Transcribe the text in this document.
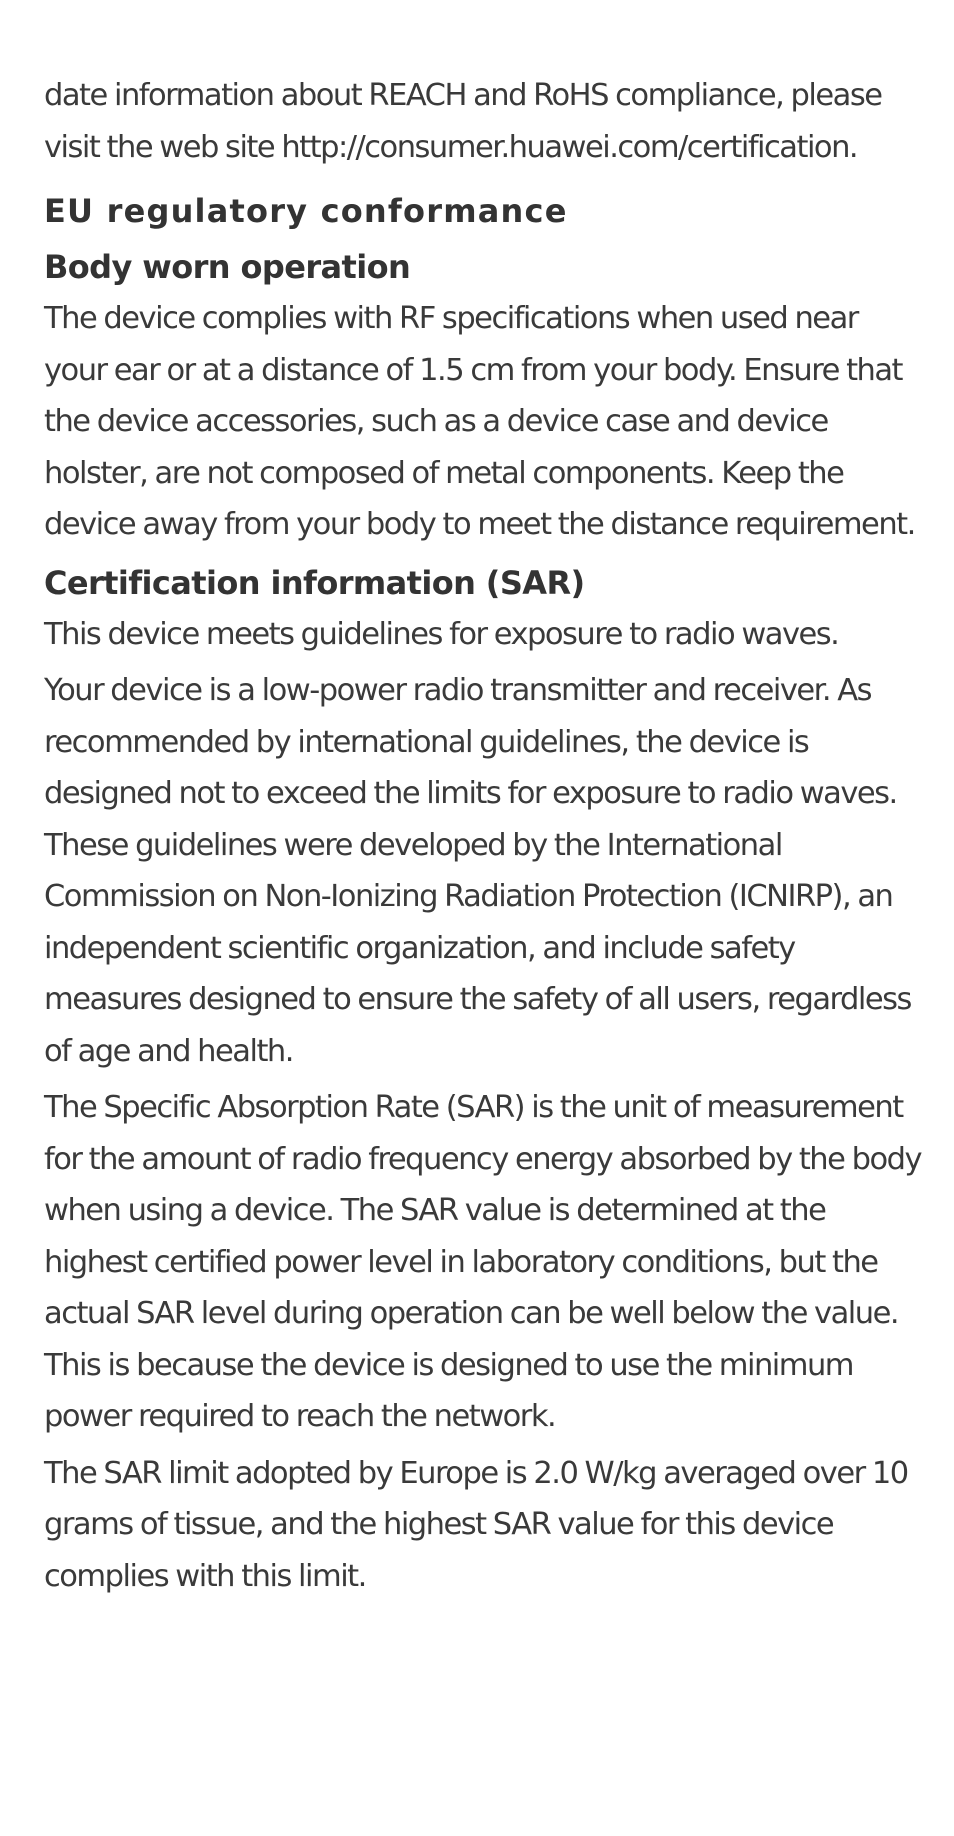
date information about REACH and RoHS compliance, please visit the web site http://consumer.huawei.com/certification.

EU regulatory conformance
Body worn operation

The device complies with RF specifications when used near your ear or at a distance of 1.5 cm from your body. Ensure that the device accessories, such as a device case and device holster, are not composed of metal components. Keep the device away from your body to meet the distance requirement.

Certification information (SAR)

This device meets guidelines for exposure to radio waves.

Your device is a low-power radio transmitter and receiver. As recommended by international guidelines, the device is designed not to exceed the limits for exposure to radio waves. These guidelines were developed by the International Commission on Non-Ionizing Radiation Protection (ICNIRP), an independent scientific organization, and include safety measures designed to ensure the safety of all users, regardless of age and health.

The Specific Absorption Rate (SAR) is the unit of measurement for the amount of radio frequency energy absorbed by the body when using a device. The SAR value is determined at the highest certified power level in laboratory conditions, but the actual SAR level during operation can be well below the value. This is because the device is designed to use the minimum power required to reach the network.

The SAR limit adopted by Europe is 2.0 W/kg averaged over 10 grams of tissue, and the highest SAR value for this device complies with this limit.
